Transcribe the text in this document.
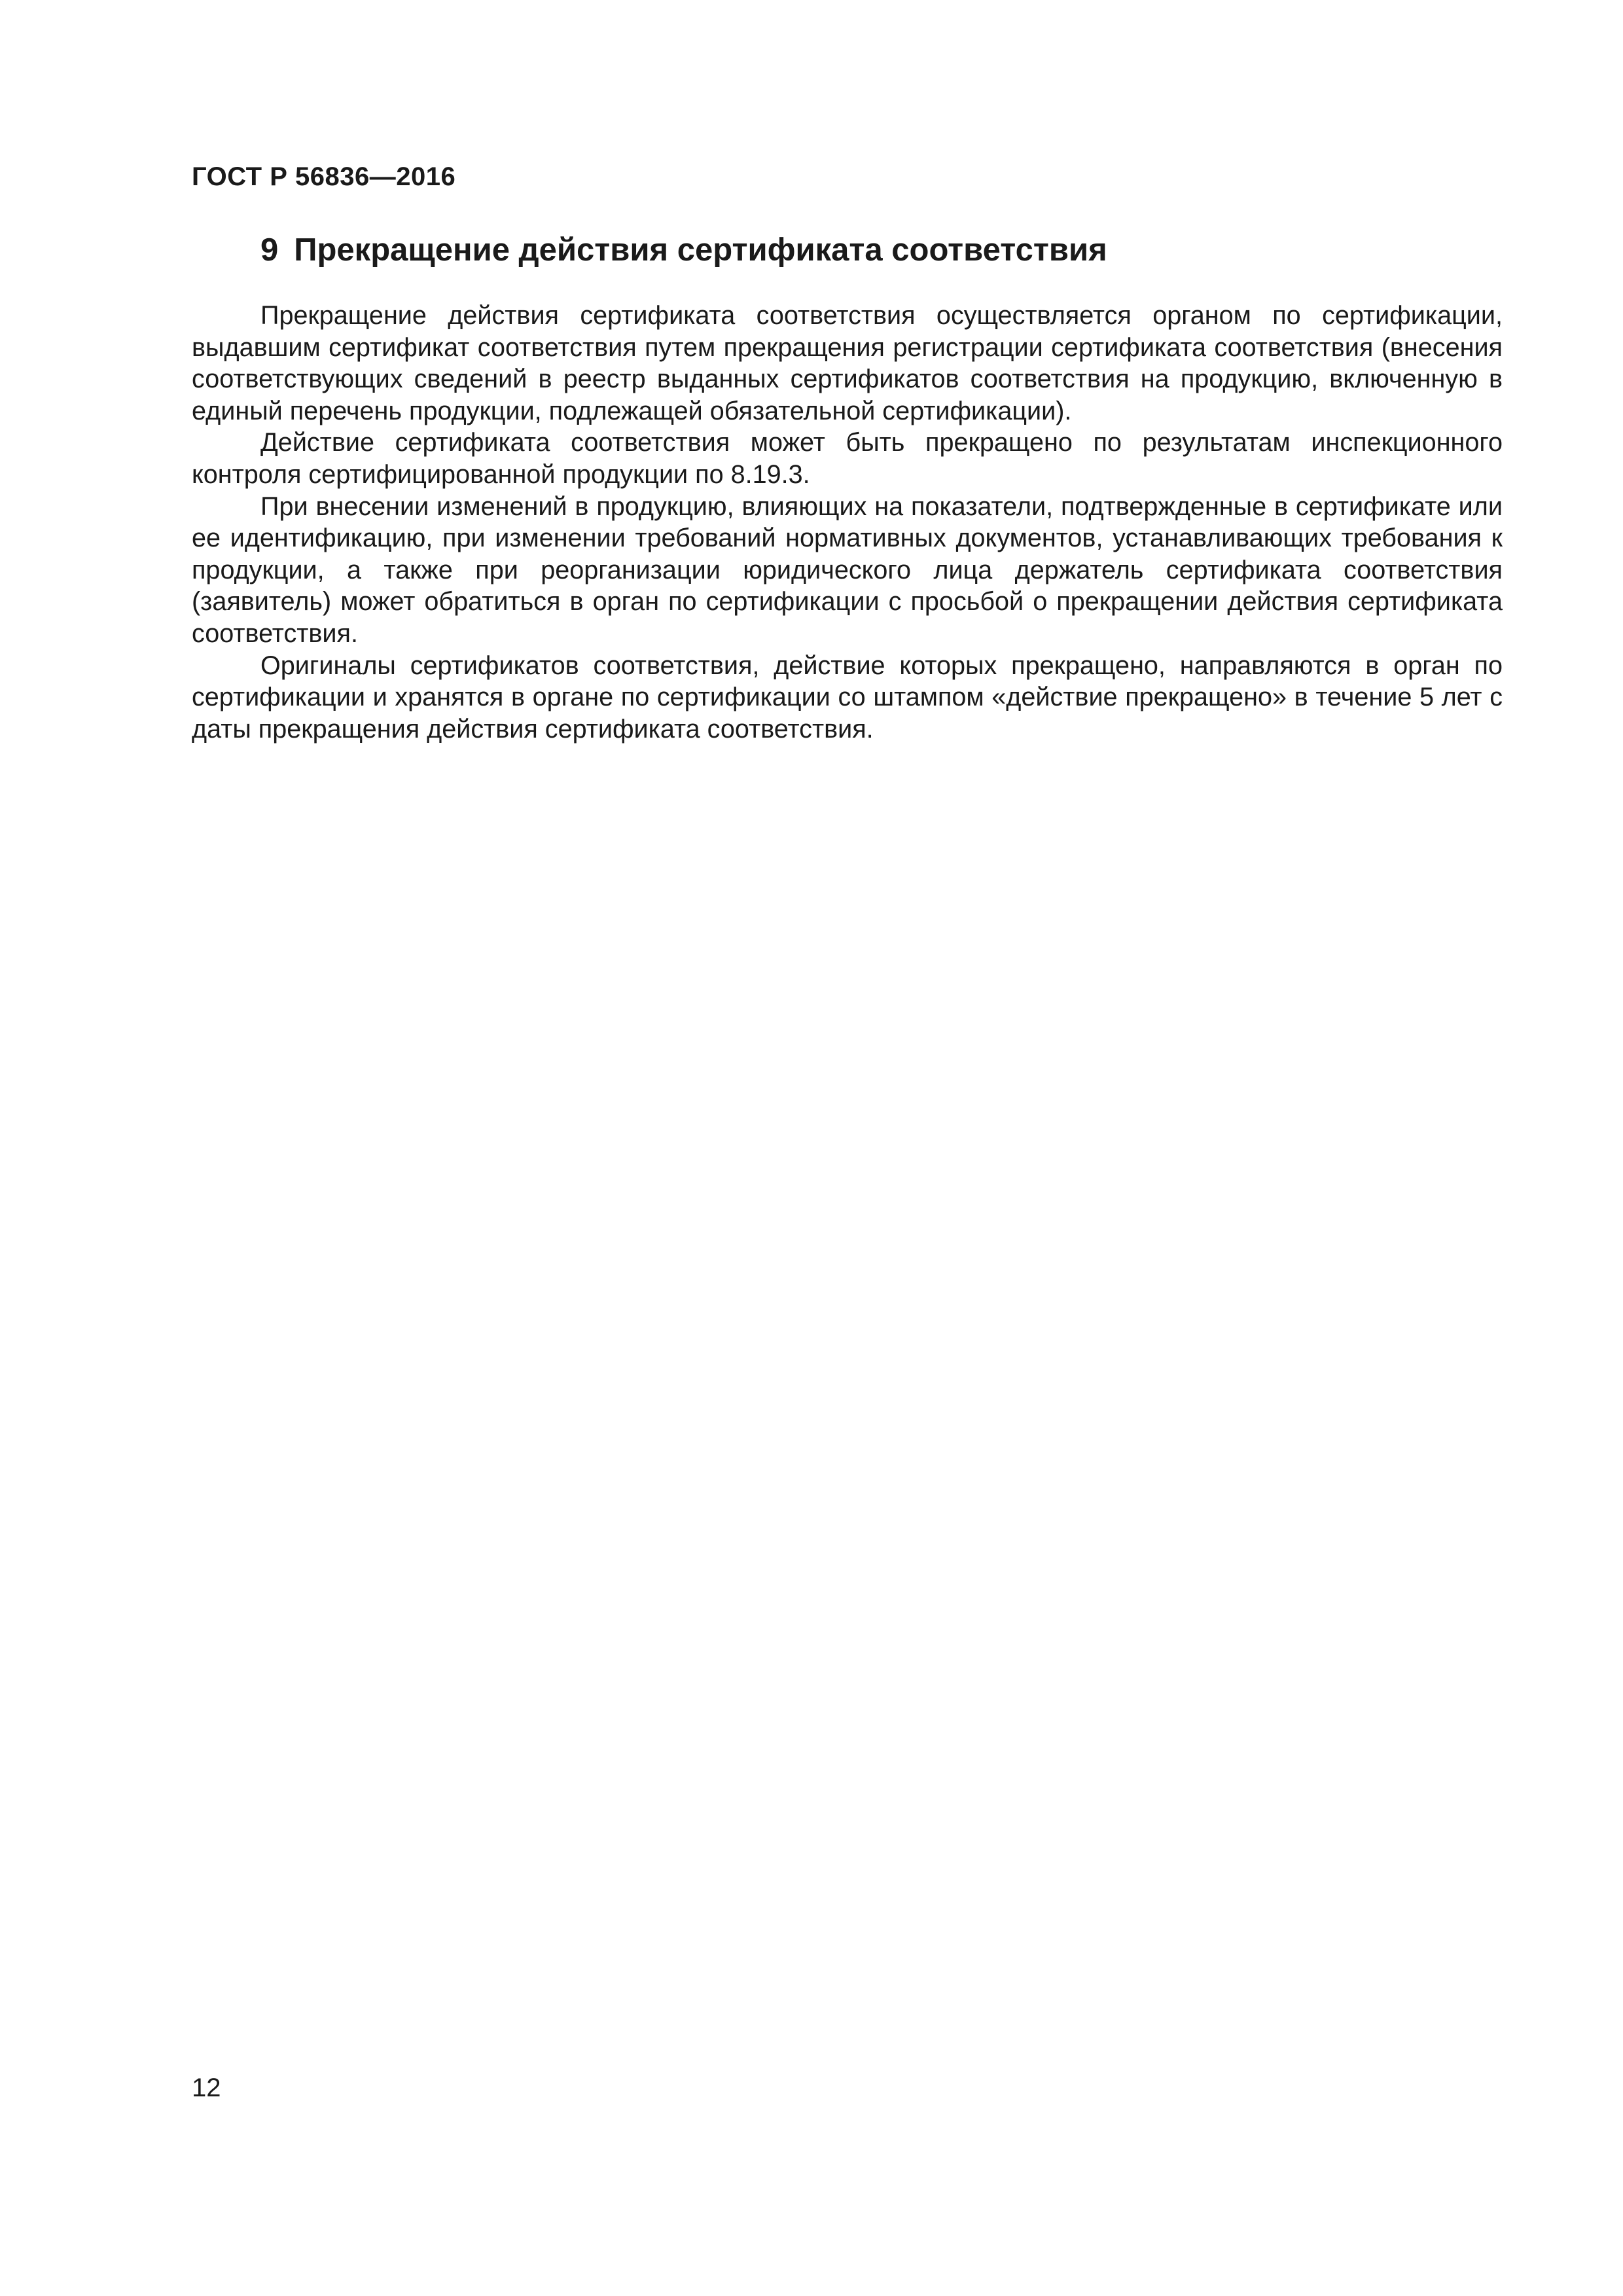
ГОСТ Р 56836—2016
9 Прекращение действия сертификата соответствия

Прекращение действия сертификата соответствия осуществляется органом по сертификации, выдавшим сертификат соответствия путем прекращения регистрации сертификата соответствия (внесения соответствующих сведений в реестр выданных сертификатов соответствия на продукцию, включенную в единый перечень продукции, подлежащей обязательной сертификации).

Действие сертификата соответствия может быть прекращено по результатам инспекционного контроля сертифицированной продукции по 8.19.3.

При внесении изменений в продукцию, влияющих на показатели, подтвержденные в сертификате или ее идентификацию, при изменении требований нормативных документов, устанавливающих требования к продукции, а также при реорганизации юридического лица держатель сертификата соответствия (заявитель) может обратиться в орган по сертификации с просьбой о прекращении действия сертификата соответствия.

Оригиналы сертификатов соответствия, действие которых прекращено, направляются в орган по сертификации и хранятся в органе по сертификации со штампом «действие прекращено» в течение 5 лет с даты прекращения действия сертификата соответствия.

12
